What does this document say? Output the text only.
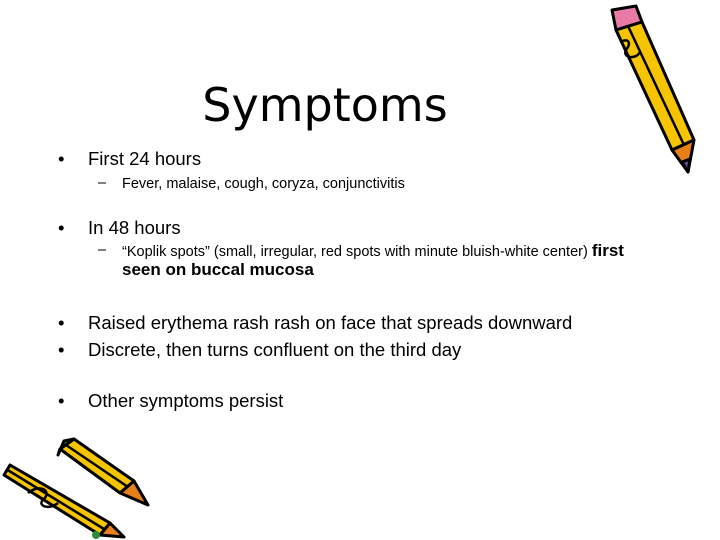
Symptoms
• First 24 hours
– Fever, malaise, cough, coryza, conjunctivitis
• In 48 hours
– “Koplik spots” (small, irregular, red spots with minute bluish-white center) first seen on buccal mucosa
• Raised erythema rash rash on face that spreads downward
• Discrete, then turns confluent on the third day
• Other symptoms persist
